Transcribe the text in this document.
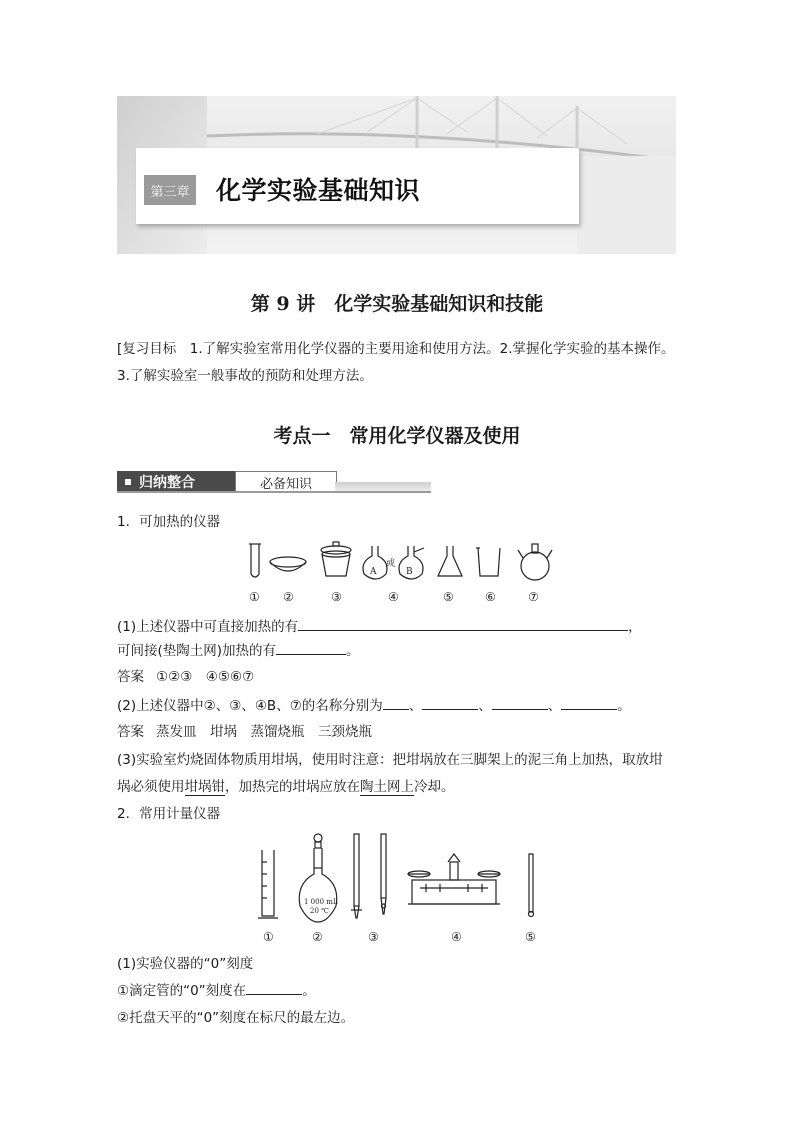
第三章 化学实验基础知识
第 9 讲　化学实验基础知识和技能
[复习目标　1.了解实验室常用化学仪器的主要用途和使用方法。2.掌握化学实验的基本操作。
3.了解实验室一般事故的预防和处理方法。
考点一　常用化学仪器及使用
归纳整合	必备知识
1．可加热的仪器
A
或
B
① ②	③	④	⑤	⑥	⑦
(1)上述仪器中可直接加热的有	，
可间接(垫陶土网)加热的有	。
答案 ①②③　④⑤⑥⑦
(2)上述仪器中②、③、④B、⑦的名称分别为 、	、	、	。
答案 蒸发皿　坩埚　蒸馏烧瓶　三颈烧瓶
(3)实验室灼烧固体物质用坩埚，使用时注意：把坩埚放在三脚架上的泥三角上加热，取放坩
埚必须使用坩埚钳，加热完的坩埚应放在陶土网上冷却。
2．常用计量仪器
1 000 mL
20 ℃
①	②	③	④	⑤
(1)实验仪器的“0”刻度
①滴定管的“0”刻度在	。
②托盘天平的“0”刻度在标尺的最左边。
